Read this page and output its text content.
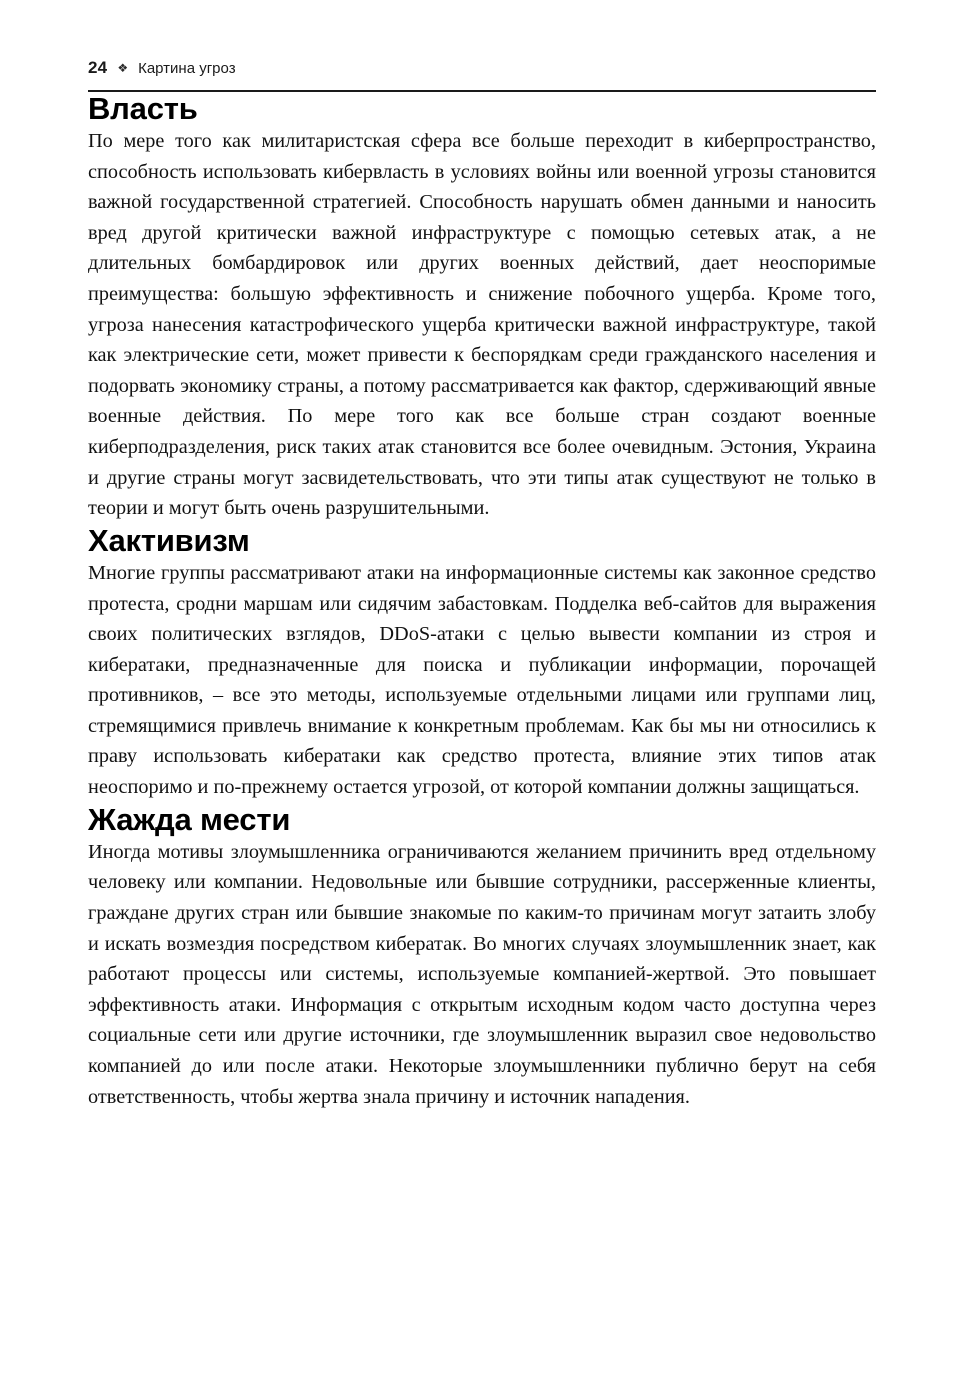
24 ❖ Картина угроз
Власть

По мере того как милитаристская сфера все больше переходит в киберпространство, способность использовать кибервласть в условиях войны или военной угрозы становится важной государственной стратегией. Способность нарушать обмен данными и наносить вред другой критически важной инфраструктуре с помощью сетевых атак, а не длительных бомбардировок или других военных действий, дает неоспоримые преимущества: большую эффективность и снижение побочного ущерба. Кроме того, угроза нанесения катастрофического ущерба критически важной инфраструктуре, такой как электрические сети, может привести к беспорядкам среди гражданского населения и подорвать экономику страны, а потому рассматривается как фактор, сдерживающий явные военные действия. По мере того как все больше стран создают военные киберподразделения, риск таких атак становится все более очевидным. Эстония, Украина и другие страны могут засвидетельствовать, что эти типы атак существуют не только в теории и могут быть очень разрушительными.

Хактивизм

Многие группы рассматривают атаки на информационные системы как законное средство протеста, сродни маршам или сидячим забастовкам. Подделка веб-сайтов для выражения своих политических взглядов, DDoS-атаки с целью вывести компании из строя и кибератаки, предназначенные для поиска и публикации информации, порочащей противников, – все это методы, используемые отдельными лицами или группами лиц, стремящимися привлечь внимание к конкретным проблемам. Как бы мы ни относились к праву использовать кибератаки как средство протеста, влияние этих типов атак неоспоримо и по-прежнему остается угрозой, от которой компании должны защищаться.

Жажда мести

Иногда мотивы злоумышленника ограничиваются желанием причинить вред отдельному человеку или компании. Недовольные или бывшие сотрудники, рассерженные клиенты, граждане других стран или бывшие знакомые по каким-то причинам могут затаить злобу и искать возмездия посредством кибератак. Во многих случаях злоумышленник знает, как работают процессы или системы, используемые компанией-жертвой. Это повышает эффективность атаки. Информация с открытым исходным кодом часто доступна через социальные сети или другие источники, где злоумышленник выразил свое недовольство компанией до или после атаки. Некоторые злоумышленники публично берут на себя ответственность, чтобы жертва знала причину и источник нападения.
